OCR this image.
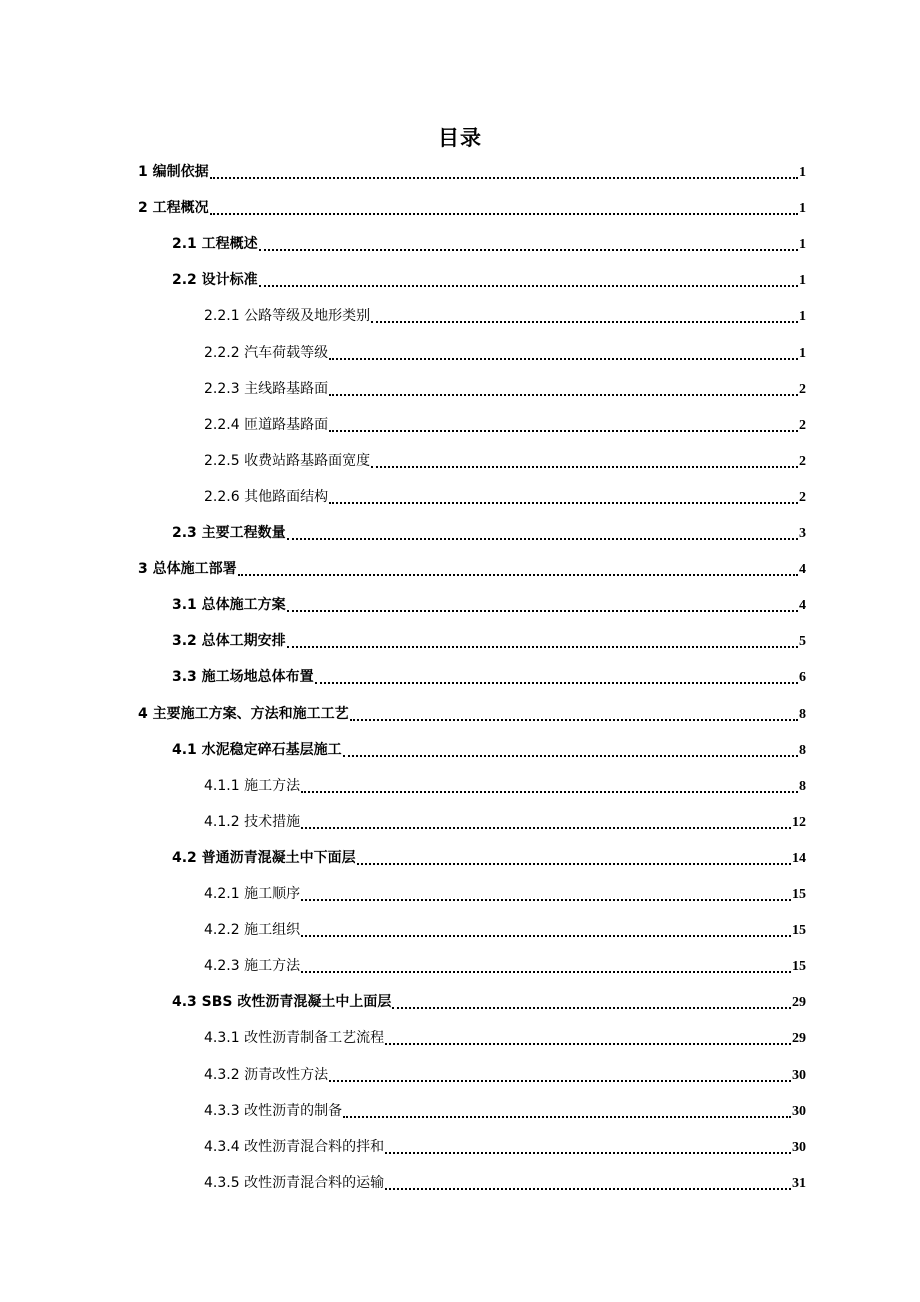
目录
1 编制依据	1
2 工程概况	1
2.1 工程概述	1
2.2 设计标准	1
2.2.1 公路等级及地形类别	1
2.2.2 汽车荷载等级	1
2.2.3 主线路基路面	2
2.2.4 匝道路基路面	2
2.2.5 收费站路基路面宽度	2
2.2.6 其他路面结构	2
2.3 主要工程数量	3
3 总体施工部署	4
3.1 总体施工方案	4
3.2 总体工期安排	5
3.3 施工场地总体布置	6
4 主要施工方案、方法和施工工艺	8
4.1 水泥稳定碎石基层施工	8
4.1.1 施工方法	8
4.1.2 技术措施	12
4.2 普通沥青混凝土中下面层	14
4.2.1 施工顺序	15
4.2.2 施工组织	15
4.2.3 施工方法	15
4.3 SBS 改性沥青混凝土中上面层	29
4.3.1 改性沥青制备工艺流程	29
4.3.2 沥青改性方法	30
4.3.3 改性沥青的制备	30
4.3.4 改性沥青混合料的拌和	30
4.3.5 改性沥青混合料的运输	31
